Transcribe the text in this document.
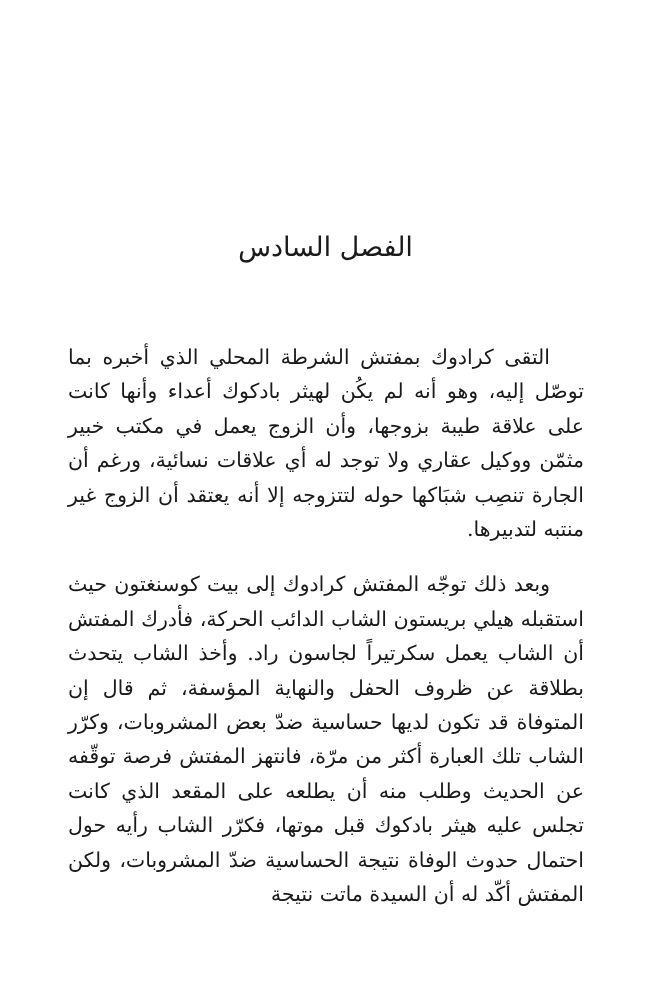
الفصل السادس

التقى كرادوك بمفتش الشرطة المحلي الذي أخبره بما توصّل إليه، وهو أنه لم يكُن لهيثر بادكوك أعداء وأنها كانت على علاقة طيبة بزوجها، وأن الزوج يعمل في مكتب خبير مثمّن ووكيل عقاري ولا توجد له أي علاقات نسائية، ورغم أن الجارة تنصِب شبَاكها حوله لتتزوجه إلا أنه يعتقد أن الزوج غير منتبه لتدبيرها.

وبعد ذلك توجّه المفتش كرادوك إلى بيت كوسنغتون حيث استقبله هيلي بريستون الشاب الدائب الحركة، فأدرك المفتش أن الشاب يعمل سكرتيراً لجاسون راد. وأخذ الشاب يتحدث بطلاقة عن ظروف الحفل والنهاية المؤسفة، ثم قال إن المتوفاة قد تكون لديها حساسية ضدّ بعض المشروبات، وكرّر الشاب تلك العبارة أكثر من مرّة، فانتهز المفتش فرصة توقّفه عن الحديث وطلب منه أن يطلعه على المقعد الذي كانت تجلس عليه هيثر بادكوك قبل موتها، فكرّر الشاب رأيه حول احتمال حدوث الوفاة نتيجة الحساسية ضدّ المشروبات، ولكن المفتش أكّد له أن السيدة ماتت نتيجة
